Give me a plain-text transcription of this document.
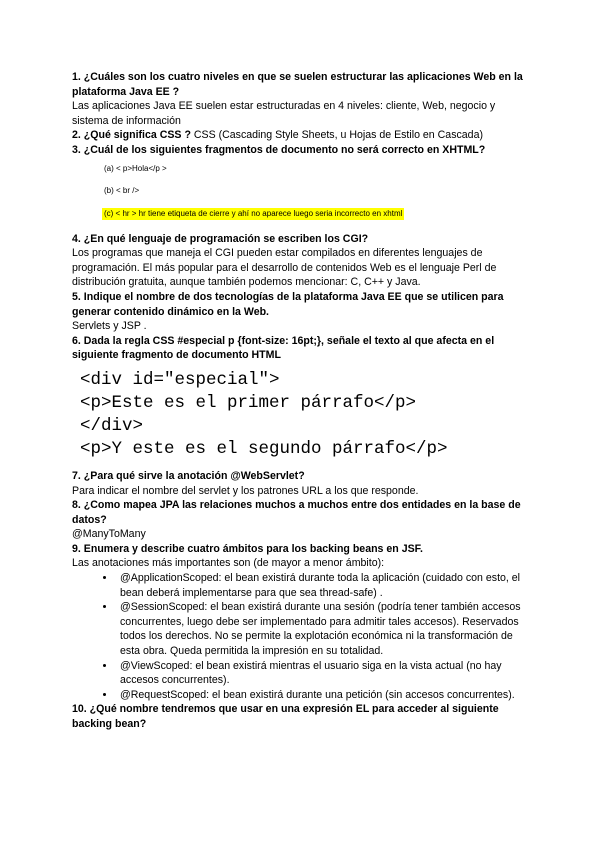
1. ¿Cuáles son los cuatro niveles en que se suelen estructurar las aplicaciones Web en la plataforma Java EE ?

Las aplicaciones Java EE suelen estar estructuradas en 4 niveles: cliente, Web, negocio y sistema de información

2. ¿Qué significa CSS ? CSS (Cascading Style Sheets, u Hojas de Estilo en Cascada)

3. ¿Cuál de los siguientes fragmentos de documento no será correcto en XHTML?

(a) < p>Hola</p >
(b) < br />
(c) < hr > hr tiene etiqueta de cierre y ahí no aparece luego seria incorrecto en xhtml

4. ¿En qué lenguaje de programación se escriben los CGI?

Los programas que maneja el CGI pueden estar compilados en diferentes lenguajes de programación. El más popular para el desarrollo de contenidos Web es el lenguaje Perl de distribución gratuita, aunque también podemos mencionar: C, C++ y Java.

5. Indique el nombre de dos tecnologías de la plataforma Java EE que se utilicen para generar contenido dinámico en la Web.

Servlets y JSP .

6. Dada la regla CSS #especial p {font-size: 16pt;}, señale el texto al que afecta en el siguiente fragmento de documento HTML

<div id="especial">
<p>Este es el primer párrafo</p>
</div>
<p>Y este es el segundo párrafo</p>

7. ¿Para qué sirve la anotación @WebServlet?

Para indicar el nombre del servlet y los patrones URL a los que responde.

8. ¿Como mapea JPA las relaciones muchos a muchos entre dos entidades en la base de datos?

@ManyToMany

9. Enumera y describe cuatro ámbitos para los backing beans en JSF.

Las anotaciones más importantes son (de mayor a menor ámbito):

• @ApplicationScoped: el bean existirá durante toda la aplicación (cuidado con esto, el bean deberá implementarse para que sea thread-safe) .
• @SessionScoped: el bean existirá durante una sesión (podría tener también accesos concurrentes, luego debe ser implementado para admitir tales accesos). Reservados todos los derechos. No se permite la explotación económica ni la transformación de esta obra. Queda permitida la impresión en su totalidad.
• @ViewScoped: el bean existirá mientras el usuario siga en la vista actual (no hay accesos concurrentes).
• @RequestScoped: el bean existirá durante una petición (sin accesos concurrentes).

10. ¿Qué nombre tendremos que usar en una expresión EL para acceder al siguiente backing bean?
